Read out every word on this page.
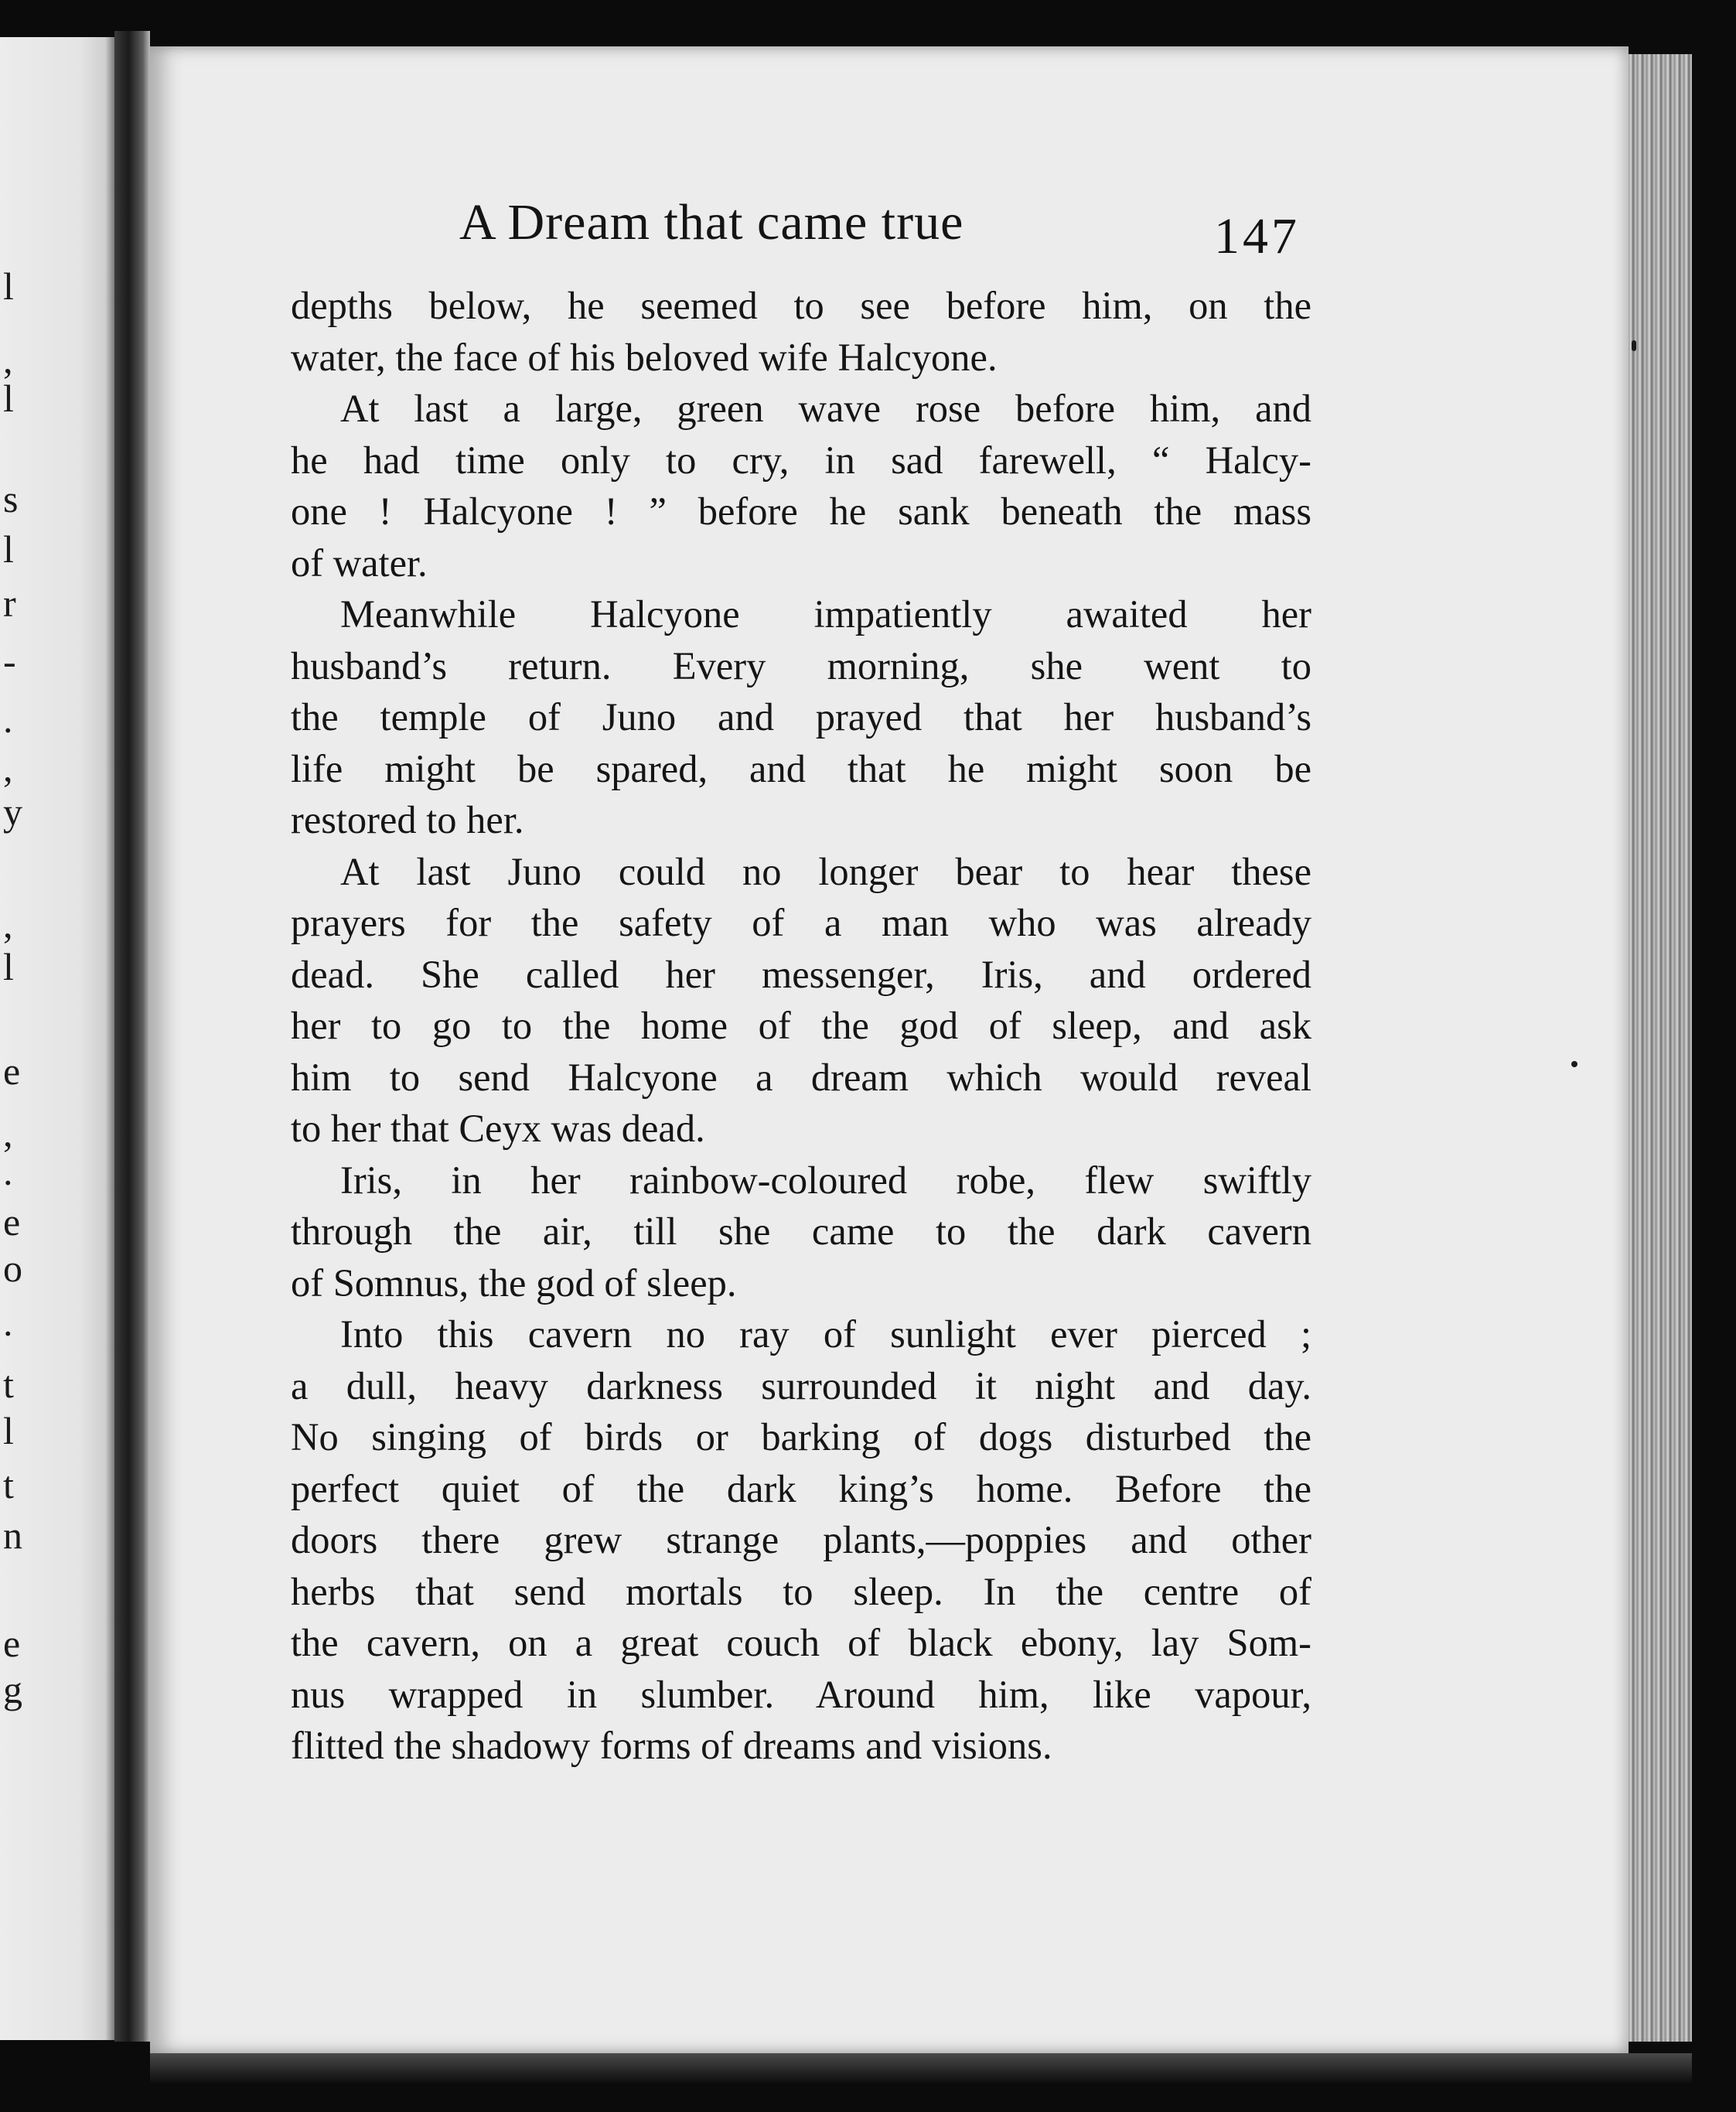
l
,
l
s
l
r
-
.
,
y
,
l
e
,
.
e
o
.
t
l
t
n
e
g
A Dream that came true	147
depths below, he seemed to see before him, on the
water, the face of his beloved wife Halcyone.
At last a large, green wave rose before him, and
he had time only to cry, in sad farewell, “ Halcy-
one ! Halcyone ! ” before he sank beneath the mass
of water.
Meanwhile Halcyone impatiently awaited her
husband’s return. Every morning, she went to
the temple of Juno and prayed that her husband’s
life might be spared, and that he might soon be
restored to her.
At last Juno could no longer bear to hear these
prayers for the safety of a man who was already
dead. She called her messenger, Iris, and ordered
her to go to the home of the god of sleep, and ask
him to send Halcyone a dream which would reveal
to her that Ceyx was dead.
Iris, in her rainbow-coloured robe, flew swiftly
through the air, till she came to the dark cavern
of Somnus, the god of sleep.
Into this cavern no ray of sunlight ever pierced ;
a dull, heavy darkness surrounded it night and day.
No singing of birds or barking of dogs disturbed the
perfect quiet of the dark king’s home. Before the
doors there grew strange plants,—poppies and other
herbs that send mortals to sleep. In the centre of
the cavern, on a great couch of black ebony, lay Som-
nus wrapped in slumber. Around him, like vapour,
flitted the shadowy forms of dreams and visions.
